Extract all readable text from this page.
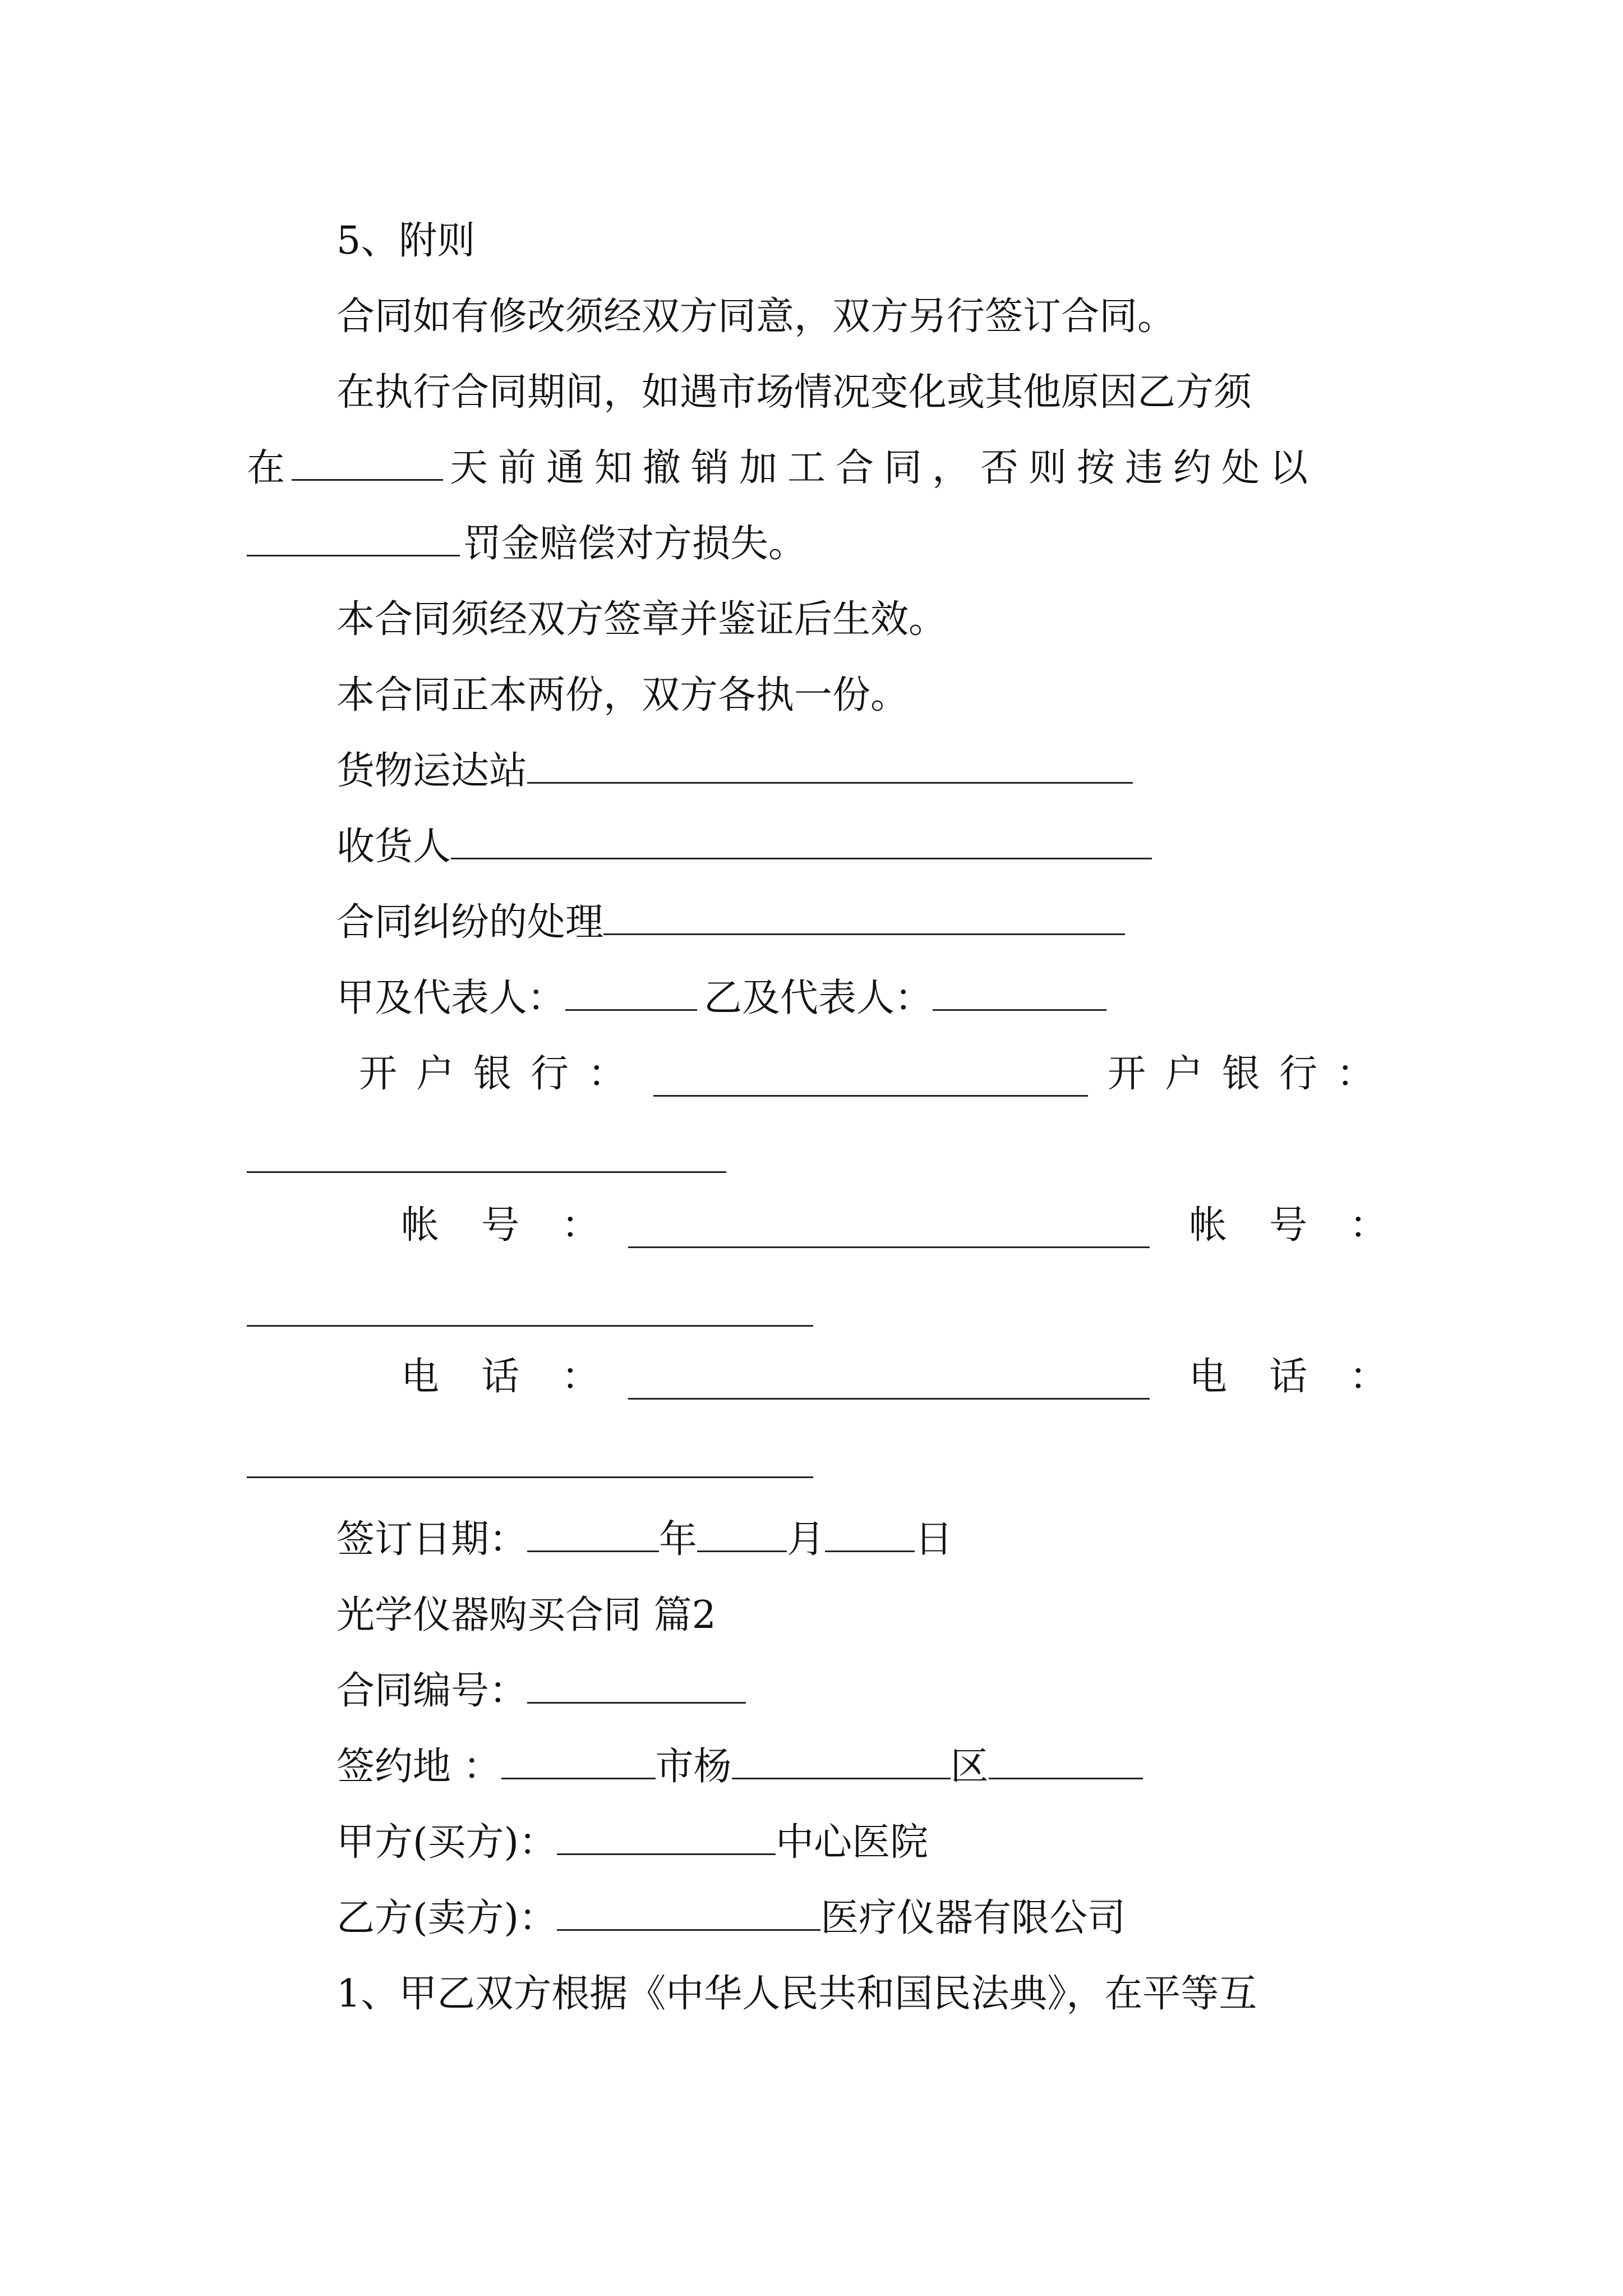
5、附则
合同如有修改须经双方同意，双方另行签订合同。
在执行合同期间，如遇市场情况变化或其他原因乙方须
在	天前通知撤销加工合同，否则按违约处以
罚金赔偿对方损失。
本合同须经双方签章并鉴证后生效。
本合同正本两份，双方各执一份。
货物运达站
收货人
合同纠纷的处理
甲及代表人：	乙及代表人：
开户银行：	开户银行：
帐号：	帐号：
电话：	电话：
签订日期：	年 月 日
光学仪器购买合同 篇2
合同编号：
签约地 ：	市杨	区
甲方(买方)：	中心医院
乙方(卖方)：	医疗仪器有限公司
1、甲乙双方根据《中华人民共和国民法典》，在平等互
